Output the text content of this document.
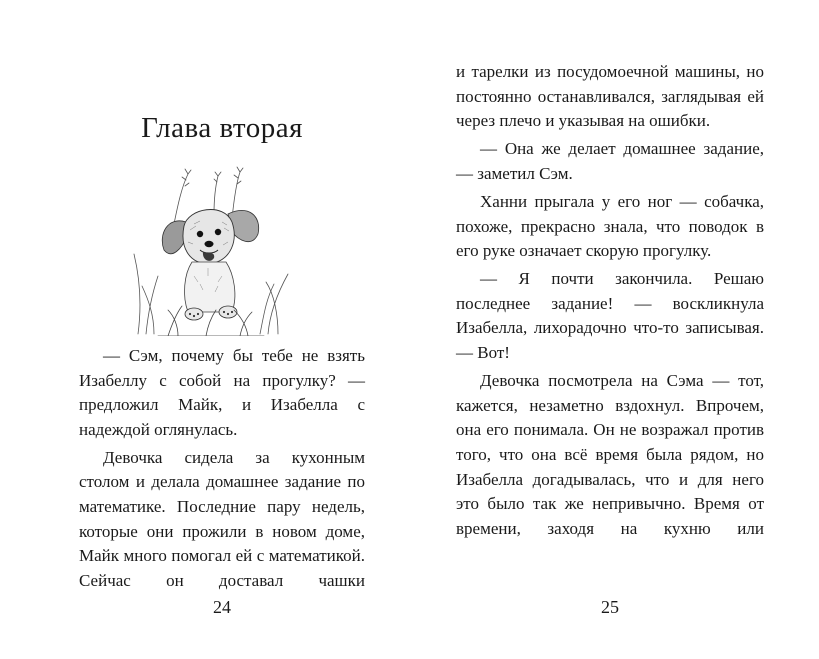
Глава вторая

— Сэм, почему бы тебе не взять Изабеллу с собой на прогулку? — предложил Майк, и Изабелла с надеждой оглянулась.

Девочка сидела за кухонным столом и делала домашнее задание по математике. Последние пару недель, которые они прожили в новом доме, Майк много помогал ей с математикой. Сейчас он доставал чашки

24

и тарелки из посудомоечной машины, но постоянно останавливался, заглядывая ей через плечо и указывая на ошибки.

— Она же делает домашнее задание, — заметил Сэм.

Ханни прыгала у его ног — собачка, похоже, прекрасно знала, что поводок в его руке означает скорую прогулку.

— Я почти закончила. Решаю последнее задание! — воскликнула Изабелла, лихорадочно что-то записывая. — Вот!

Девочка посмотрела на Сэма — тот, кажется, незаметно вздохнул. Впрочем, она его понимала. Он не возражал против того, что она всё время была рядом, но Изабелла догадывалась, что и для него это было так же непривычно. Время от времени, заходя на кухню или

25
